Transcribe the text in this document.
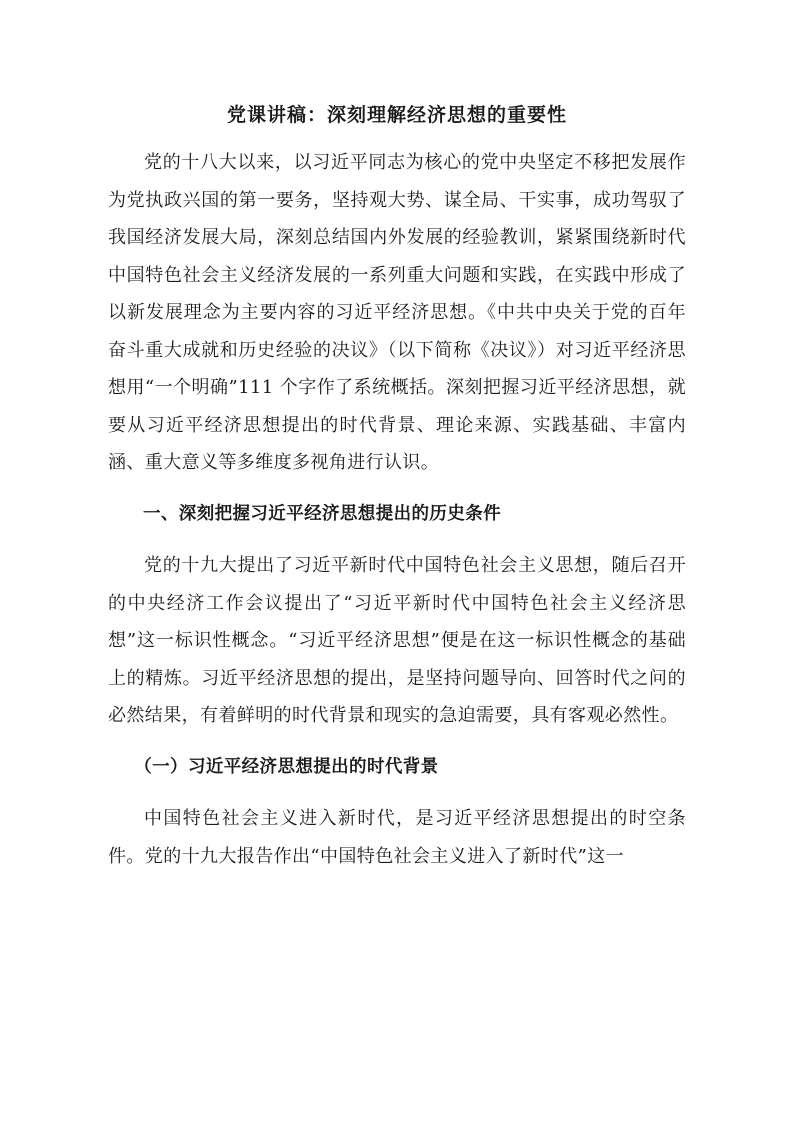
党课讲稿：深刻理解经济思想的重要性

党的十八大以来，以习近平同志为核心的党中央坚定不移把发展作为党执政兴国的第一要务，坚持观大势、谋全局、干实事，成功驾驭了我国经济发展大局，深刻总结国内外发展的经验教训，紧紧围绕新时代中国特色社会主义经济发展的一系列重大问题和实践，在实践中形成了以新发展理念为主要内容的习近平经济思想。《中共中央关于党的百年奋斗重大成就和历史经验的决议》（以下简称《决议》）对习近平经济思想用“一个明确”111 个字作了系统概括。深刻把握习近平经济思想，就要从习近平经济思想提出的时代背景、理论来源、实践基础、丰富内涵、重大意义等多维度多视角进行认识。

一、深刻把握习近平经济思想提出的历史条件

党的十九大提出了习近平新时代中国特色社会主义思想，随后召开的中央经济工作会议提出了“习近平新时代中国特色社会主义经济思想”这一标识性概念。“习近平经济思想”便是在这一标识性概念的基础上的精炼。习近平经济思想的提出，是坚持问题导向、回答时代之问的必然结果，有着鲜明的时代背景和现实的急迫需要，具有客观必然性。

（一）习近平经济思想提出的时代背景

中国特色社会主义进入新时代，是习近平经济思想提出的时空条件。党的十九大报告作出“中国特色社会主义进入了新时代”这一
